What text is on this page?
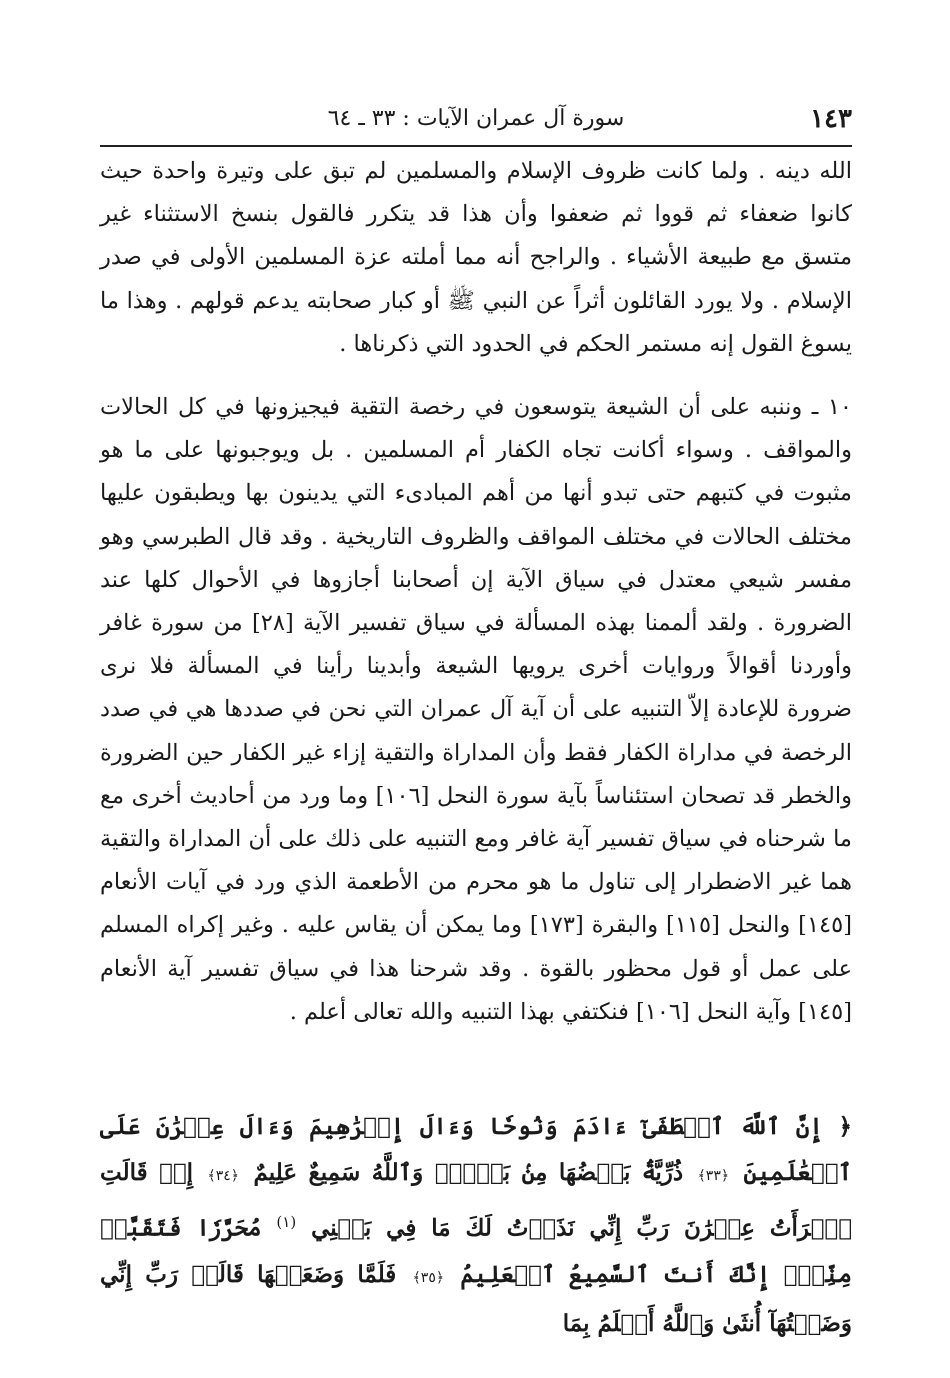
سورة آل عمران الآيات : ٣٣ ـ ٦٤	١٤٣

الله دينه . ولما كانت ظروف الإسلام والمسلمين لم تبق على وتيرة واحدة حيث كانوا ضعفاء ثم قووا ثم ضعفوا وأن هذا قد يتكرر فالقول بنسخ الاستثناء غير متسق مع طبيعة الأشياء . والراجح أنه مما أملته عزة المسلمين الأولى في صدر الإسلام . ولا يورد القائلون أثراً عن النبي ﷺ أو كبار صحابته يدعم قولهم . وهذا ما يسوغ القول إنه مستمر الحكم في الحدود التي ذكرناها .

١٠ ـ وننبه على أن الشيعة يتوسعون في رخصة التقية فيجيزونها في كل الحالات والمواقف . وسواء أكانت تجاه الكفار أم المسلمين . بل ويوجبونها على ما هو مثبوت في كتبهم حتى تبدو أنها من أهم المبادىء التي يدينون بها ويطبقون عليها مختلف الحالات في مختلف المواقف والظروف التاريخية . وقد قال الطبرسي وهو مفسر شيعي معتدل في سياق الآية إن أصحابنا أجازوها في الأحوال كلها عند الضرورة . ولقد ألممنا بهذه المسألة في سياق تفسير الآية [٢٨] من سورة غافر وأوردنا أقوالاً وروايات أخرى يرويها الشيعة وأبدينا رأينا في المسألة فلا نرى ضرورة للإعادة إلاّ التنبيه على أن آية آل عمران التي نحن في صددها هي في صدد الرخصة في مداراة الكفار فقط وأن المداراة والتقية إزاء غير الكفار حين الضرورة والخطر قد تصحان استئناساً بآية سورة النحل [١٠٦] وما ورد من أحاديث أخرى مع ما شرحناه في سياق تفسير آية غافر ومع التنبيه على ذلك على أن المداراة والتقية هما غير الاضطرار إلى تناول ما هو محرم من الأطعمة الذي ورد في آيات الأنعام [١٤٥] والنحل [١١٥] والبقرة [١٧٣] وما يمكن أن يقاس عليه . وغير إكراه المسلم على عمل أو قول محظور بالقوة . وقد شرحنا هذا في سياق تفسير آية الأنعام [١٤٥] وآية النحل [١٠٦] فنكتفي بهذا التنبيه والله تعالى أعلم .

﴿ إِنَّ ٱللَّهَ ٱصۡطَفَىٰٓ ءَادَمَ وَنُوحٗا وَءَالَ إِبۡرَٰهِيمَ وَءَالَ عِمۡرَٰنَ عَلَى ٱلۡعَٰلَمِينَ ﴿٣٣﴾ ذُرِّيَّةَۢ بَعۡضُهَا مِنۢ بَعۡضٖۗ وَٱللَّهُ سَمِيعٌ عَلِيمٌ ﴿٣٤﴾ إِذۡ قَالَتِ ٱمۡرَأَتُ عِمۡرَٰنَ رَبِّ إِنِّي نَذَرۡتُ لَكَ مَا فِي بَطۡنِي $^{(١)}$ مُحَرَّرٗا فَتَقَبَّلۡ مِنِّيٓۖ إِنَّكَ أَنتَ ٱلسَّمِيعُ ٱلۡعَلِيمُ ﴿٣٥﴾ فَلَمَّا وَضَعَتۡهَا قَالَتۡ رَبِّ إِنِّي وَضَعۡتُهَآ أُنثَىٰ وَٱللَّهُ أَعۡلَمُ بِمَا
